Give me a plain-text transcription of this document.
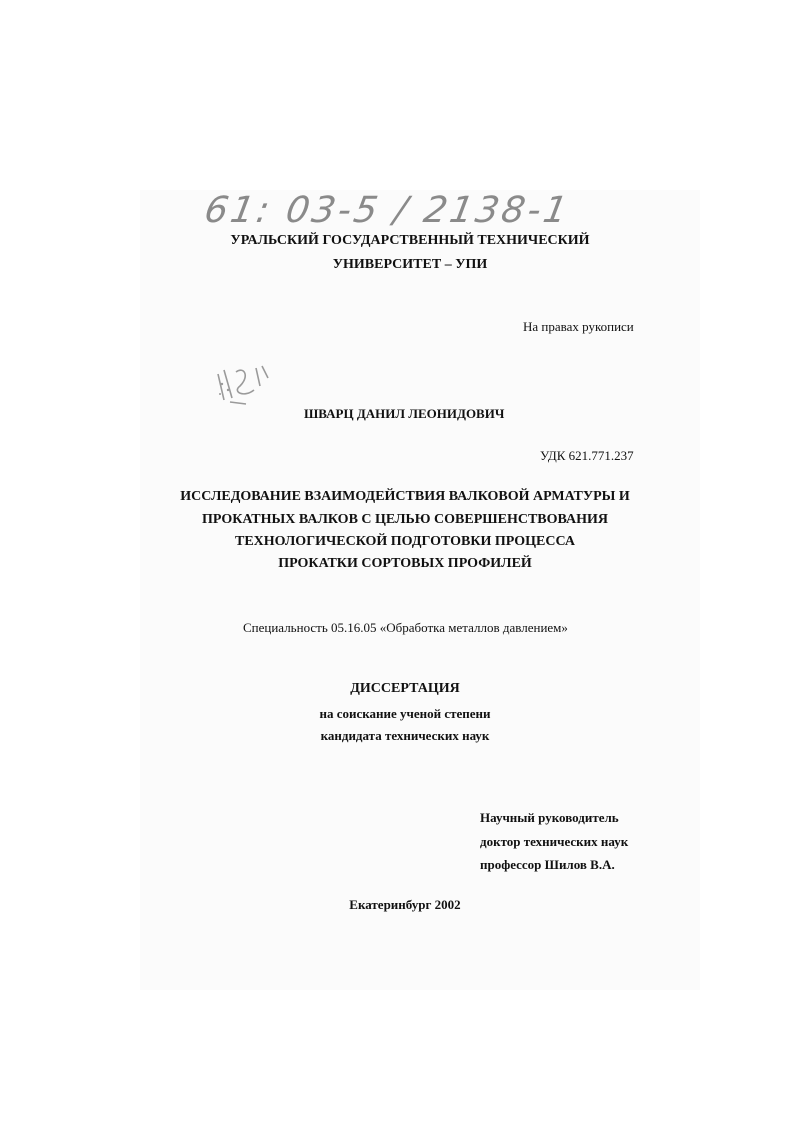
61: 03-5 / 2138-1
УРАЛЬСКИЙ ГОСУДАРСТВЕННЫЙ ТЕХНИЧЕСКИЙ
УНИВЕРСИТЕТ – УПИ
На правах рукописи
ШВАРЦ ДАНИЛ ЛЕОНИДОВИЧ
УДК 621.771.237
ИССЛЕДОВАНИЕ ВЗАИМОДЕЙСТВИЯ ВАЛКОВОЙ АРМАТУРЫ И
ПРОКАТНЫХ ВАЛКОВ С ЦЕЛЬЮ СОВЕРШЕНСТВОВАНИЯ
ТЕХНОЛОГИЧЕСКОЙ ПОДГОТОВКИ ПРОЦЕССА
ПРОКАТКИ СОРТОВЫХ ПРОФИЛЕЙ
Специальность 05.16.05 «Обработка металлов давлением»
ДИССЕРТАЦИЯ
на соискание ученой степени
кандидата технических наук
Научный руководитель
доктор технических наук
профессор Шилов В.А.
Екатеринбург 2002
